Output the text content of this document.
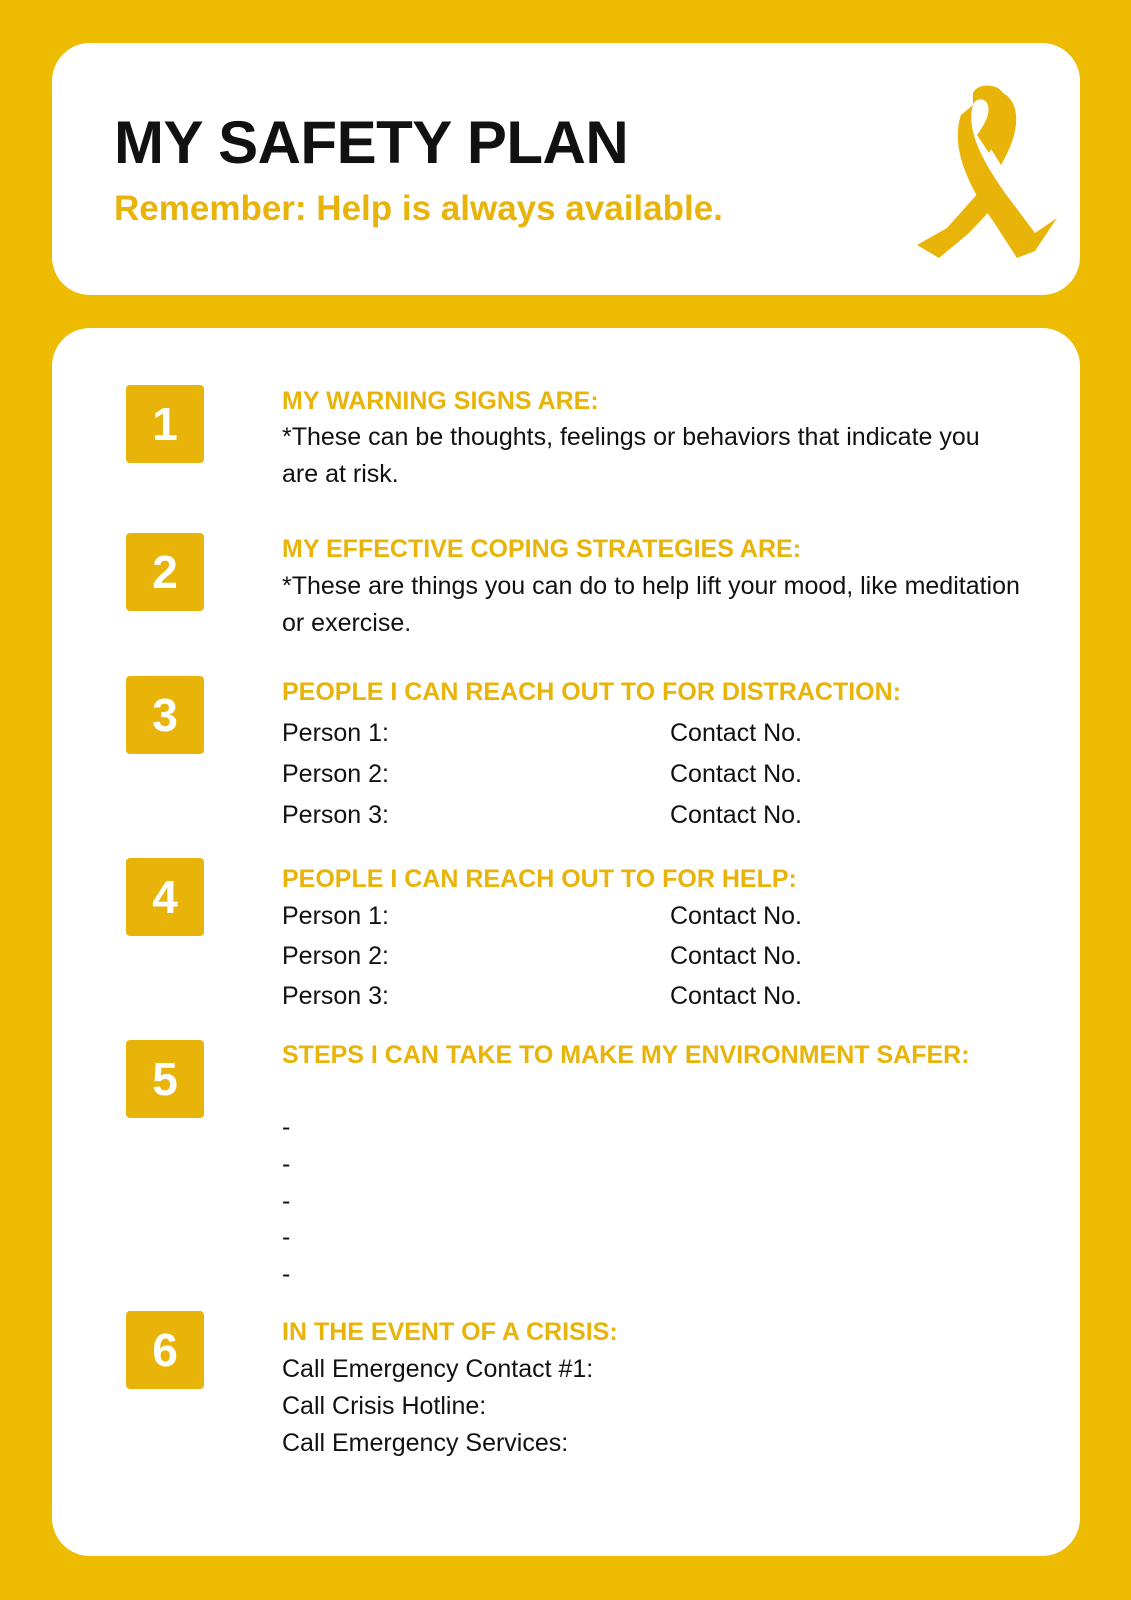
MY SAFETY PLAN
Remember: Help is always available.
1	MY WARNING SIGNS ARE:
*These can be thoughts, feelings or behaviors that indicate you are at risk.
2	MY EFFECTIVE COPING STRATEGIES ARE:
*These are things you can do to help lift your mood, like meditation or exercise.
3	PEOPLE I CAN REACH OUT TO FOR DISTRACTION:
Person 1:	Contact No.
Person 2:	Contact No.
Person 3:	Contact No.
4	PEOPLE I CAN REACH OUT TO FOR HELP:
Person 1:	Contact No.
Person 2:	Contact No.
Person 3:	Contact No.
5	STEPS I CAN TAKE TO MAKE MY ENVIRONMENT SAFER:
-
-
-
-
-
6	IN THE EVENT OF A CRISIS:
Call Emergency Contact #1:
Call Crisis Hotline:
Call Emergency Services:
